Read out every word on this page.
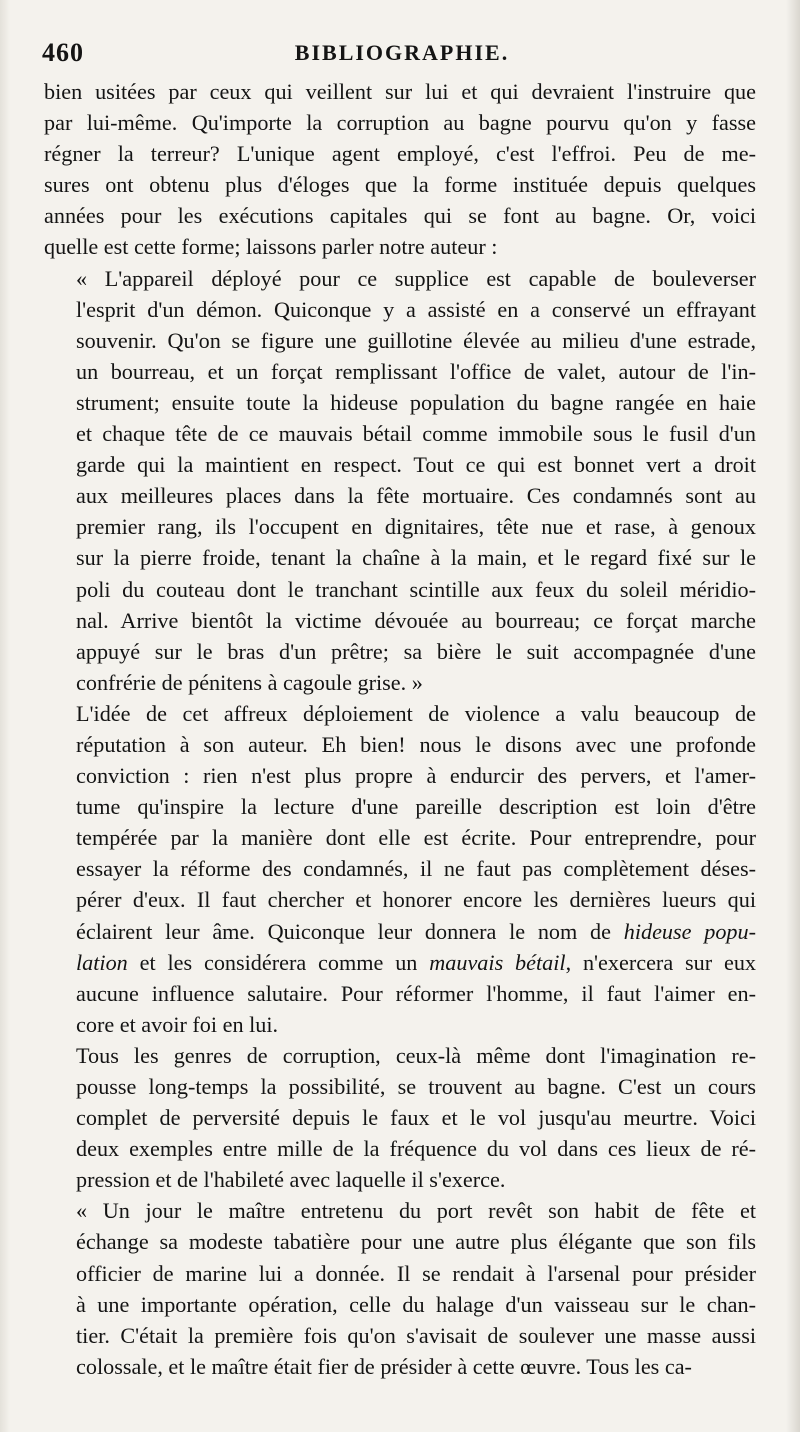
460	BIBLIOGRAPHIE.
bien usitées par ceux qui veillent sur lui et qui devraient l'instruire que
par lui-même. Qu'importe la corruption au bagne pourvu qu'on y fasse
régner la terreur? L'unique agent employé, c'est l'effroi. Peu de me-
sures ont obtenu plus d'éloges que la forme instituée depuis quelques
années pour les exécutions capitales qui se font au bagne. Or, voici
quelle est cette forme; laissons parler notre auteur :
« L'appareil déployé pour ce supplice est capable de bouleverser
l'esprit d'un démon. Quiconque y a assisté en a conservé un effrayant
souvenir. Qu'on se figure une guillotine élevée au milieu d'une estrade,
un bourreau, et un forçat remplissant l'office de valet, autour de l'in-
strument; ensuite toute la hideuse population du bagne rangée en haie
et chaque tête de ce mauvais bétail comme immobile sous le fusil d'un
garde qui la maintient en respect. Tout ce qui est bonnet vert a droit
aux meilleures places dans la fête mortuaire. Ces condamnés sont au
premier rang, ils l'occupent en dignitaires, tête nue et rase, à genoux
sur la pierre froide, tenant la chaîne à la main, et le regard fixé sur le
poli du couteau dont le tranchant scintille aux feux du soleil méridio-
nal. Arrive bientôt la victime dévouée au bourreau; ce forçat marche
appuyé sur le bras d'un prêtre; sa bière le suit accompagnée d'une
confrérie de pénitens à cagoule grise. »
L'idée de cet affreux déploiement de violence a valu beaucoup de
réputation à son auteur. Eh bien! nous le disons avec une profonde
conviction : rien n'est plus propre à endurcir des pervers, et l'amer-
tume qu'inspire la lecture d'une pareille description est loin d'être
tempérée par la manière dont elle est écrite. Pour entreprendre, pour
essayer la réforme des condamnés, il ne faut pas complètement déses-
pérer d'eux. Il faut chercher et honorer encore les dernières lueurs qui
éclairent leur âme. Quiconque leur donnera le nom de hideuse popu-
lation et les considérera comme un mauvais bétail, n'exercera sur eux
aucune influence salutaire. Pour réformer l'homme, il faut l'aimer en-
core et avoir foi en lui.
Tous les genres de corruption, ceux-là même dont l'imagination re-
pousse long-temps la possibilité, se trouvent au bagne. C'est un cours
complet de perversité depuis le faux et le vol jusqu'au meurtre. Voici
deux exemples entre mille de la fréquence du vol dans ces lieux de ré-
pression et de l'habileté avec laquelle il s'exerce.
« Un jour le maître entretenu du port revêt son habit de fête et
échange sa modeste tabatière pour une autre plus élégante que son fils
officier de marine lui a donnée. Il se rendait à l'arsenal pour présider
à une importante opération, celle du halage d'un vaisseau sur le chan-
tier. C'était la première fois qu'on s'avisait de soulever une masse aussi
colossale, et le maître était fier de présider à cette œuvre. Tous les ca-
